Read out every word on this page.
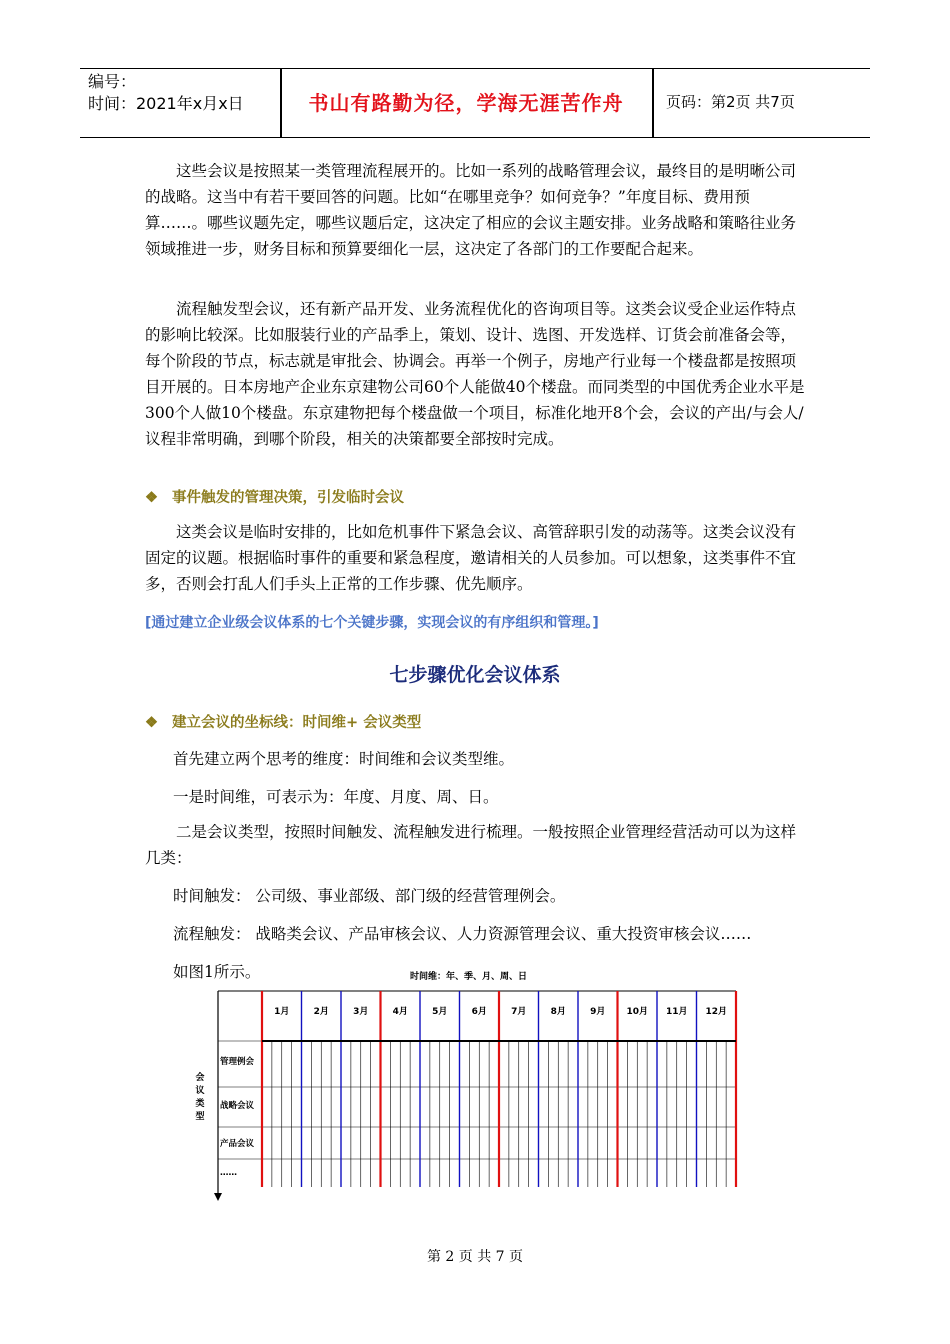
编号：
时间：2021年x月x日	书山有路勤为径，学海无涯苦作舟	页码：第2页 共7页

这些会议是按照某一类管理流程展开的。比如一系列的战略管理会议，最终目的是明晰公司的战略。这当中有若干要回答的问题。比如“在哪里竞争？如何竞争？”年度目标、费用预算……。哪些议题先定，哪些议题后定，这决定了相应的会议主题安排。业务战略和策略往业务领域推进一步，财务目标和预算要细化一层，这决定了各部门的工作要配合起来。

流程触发型会议，还有新产品开发、业务流程优化的咨询项目等。这类会议受企业运作特点的影响比较深。比如服装行业的产品季上，策划、设计、选图、开发选样、订货会前准备会等，每个阶段的节点，标志就是审批会、协调会。再举一个例子，房地产行业每一个楼盘都是按照项目开展的。日本房地产企业东京建物公司60个人能做40个楼盘。而同类型的中国优秀企业水平是300个人做10个楼盘。东京建物把每个楼盘做一个项目，标准化地开8个会，会议的产出/与会人/议程非常明确，到哪个阶段，相关的决策都要全部按时完成。

❖ 事件触发的管理决策，引发临时会议

这类会议是临时安排的，比如危机事件下紧急会议、高管辞职引发的动荡等。这类会议没有固定的议题。根据临时事件的重要和紧急程度，邀请相关的人员参加。可以想象，这类事件不宜多，否则会打乱人们手头上正常的工作步骤、优先顺序。

[通过建立企业级会议体系的七个关键步骤，实现会议的有序组织和管理。]
七步骤优化会议体系
❖ 建立会议的坐标线：时间维+ 会议类型
首先建立两个思考的维度：时间维和会议类型维。
一是时间维，可表示为：年度、月度、周、日。

二是会议类型，按照时间触发、流程触发进行梳理。一般按照企业管理经营活动可以为这样几类：

时间触发： 公司级、事业部级、部门级的经营管理例会。
流程触发： 战略类会议、产品审核会议、人力资源管理会议、重大投资审核会议……
如图1所示。	时间维：年、季、月、周、日
1月	2月	3月	4月	5月	6月	7月	8月	9月 10月 11月 12月
会
议
类
型
管理例会
战略会议
产品会议
……
第 2 页 共 7 页
